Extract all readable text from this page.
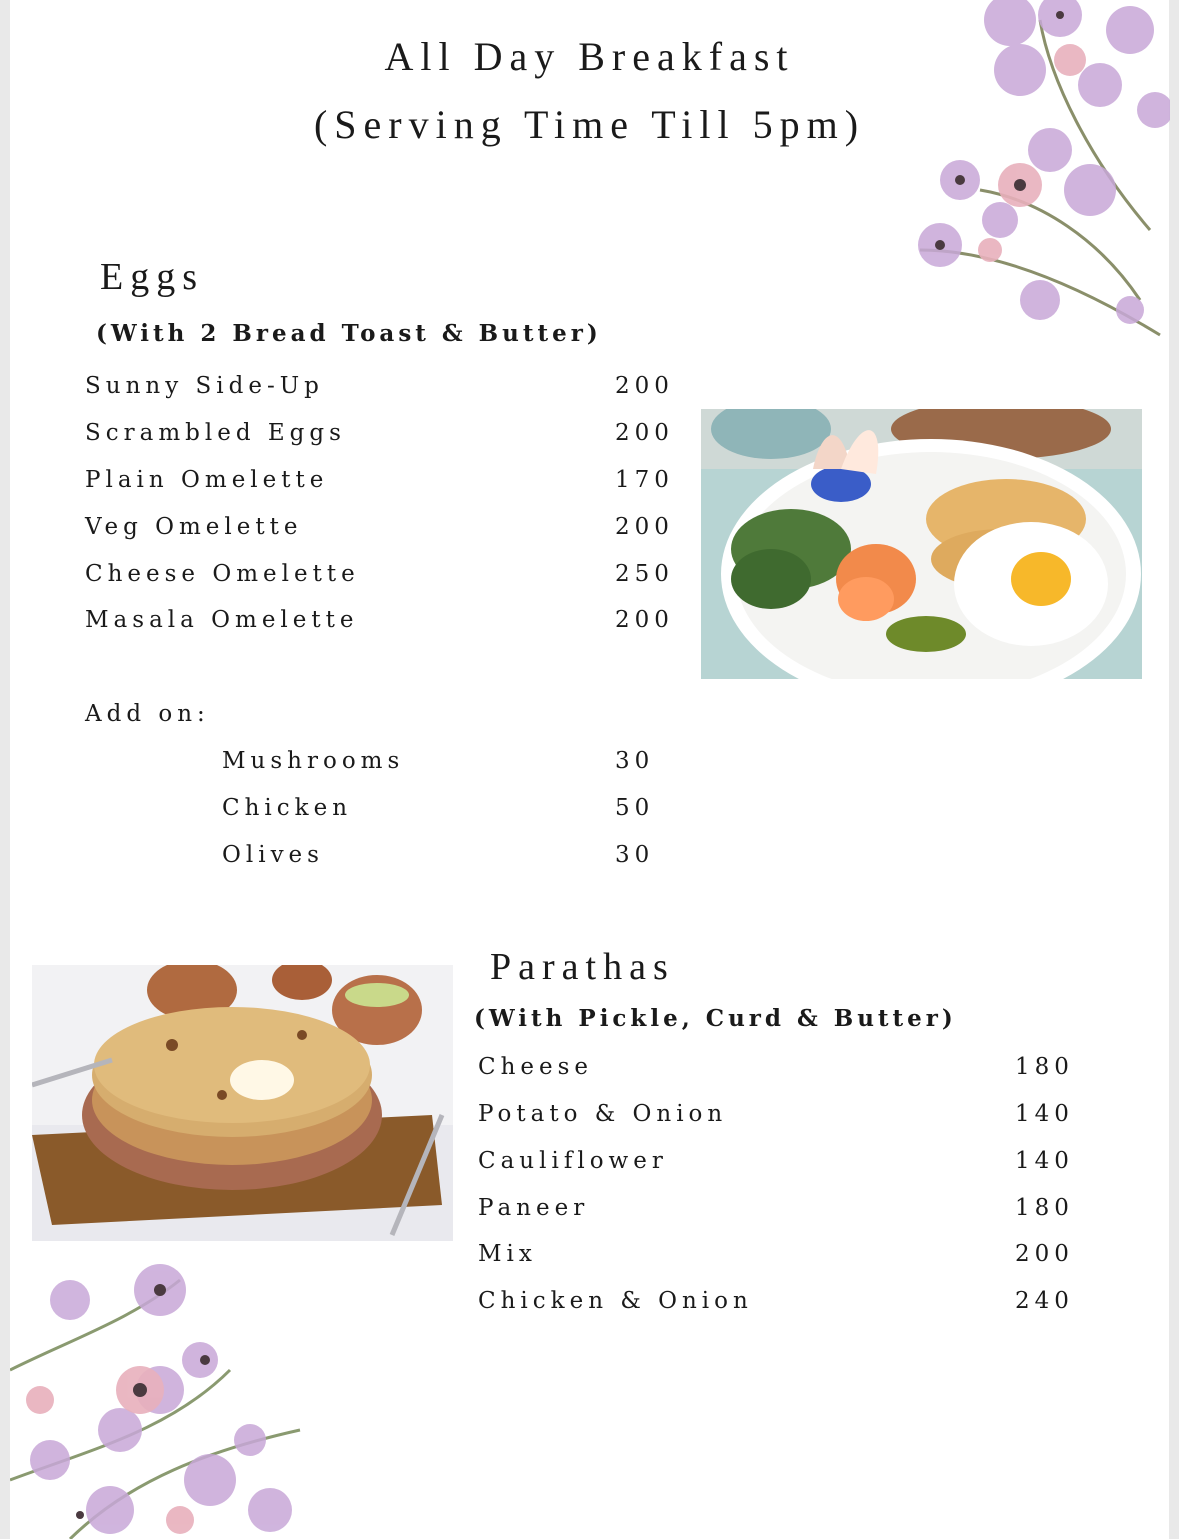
All Day Breakfast
(Serving Time Till 5pm)
Eggs
(With 2 Bread Toast & Butter)
Sunny Side-Up	200
Scrambled Eggs	200
Plain Omelette	170
Veg Omelette	200
Cheese Omelette	250
Masala Omelette	200
Add on:
Mushrooms	30
Chicken	50
Olives	30
Parathas
(With Pickle, Curd & Butter)
Cheese	180
Potato & Onion	140
Cauliflower	140
Paneer	180
Mix	200
Chicken & Onion	240
